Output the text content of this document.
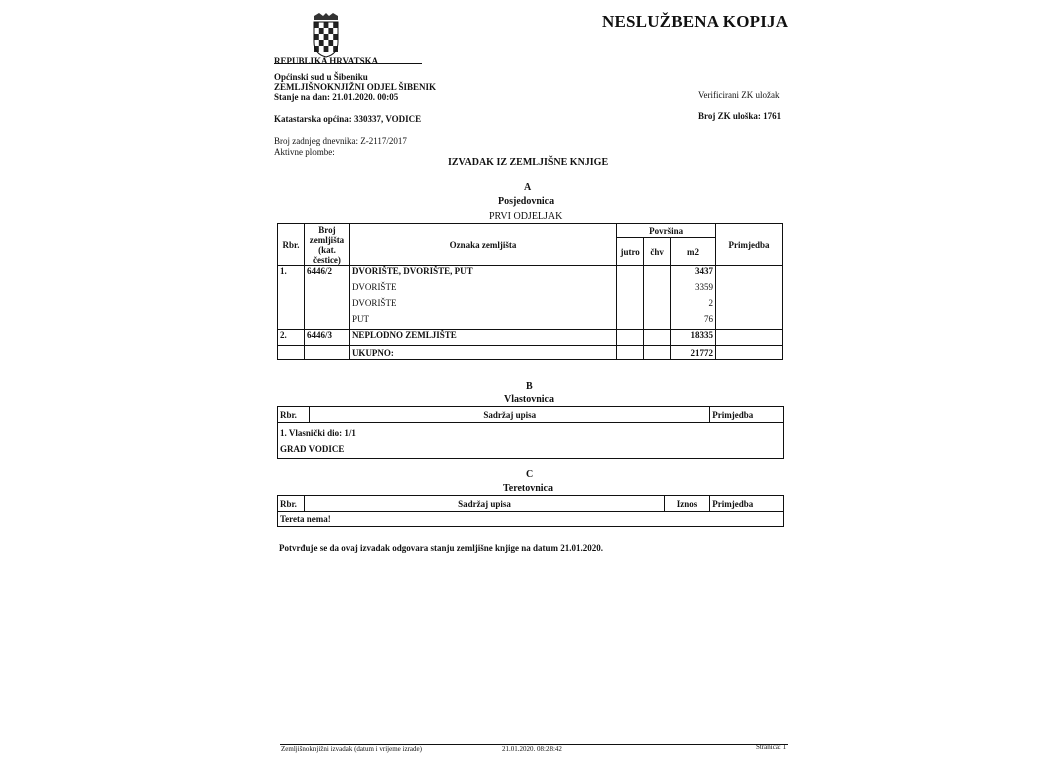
NESLUŽBENA KOPIJA
REPUBLIKA HRVATSKA
Općinski sud u Šibeniku
ZEMLJIŠNOKNJIŽNI ODJEL ŠIBENIK
Stanje na dan: 21.01.2020. 00:05	Verificirani ZK uložak
Katastarska općina: 330337, VODICE	Broj ZK uloška: 1761
Broj zadnjeg dnevnika: Z-2117/2017
Aktivne plombe:
IZVADAK IZ ZEMLJIŠNE KNJIGE
A
Posjedovnica
PRVI ODJELJAK
Rbr.	Broj
zemljišta
(kat.
čestice)	Oznaka zemljišta	Površina			Primjedba
			jutro	čhv	m2	
1.	6446/2	DVORIŠTE, DVORIŠTE, PUT			3437	
		DVORIŠTE			3359	
		DVORIŠTE			2	
		PUT			76	
2.	6446/3	NEPLODNO ZEMLJIŠTE			18335	
		UKUPNO:			21772	
B
Vlastovnica
Rbr.	Sadržaj upisa	Primjedba

1. Vlasnički dio: 1/1
GRAD VODICE
C
Teretovnica
Rbr.	Sadržaj upisa	Iznos	Primjedba
Tereta nema!
Potvrđuje se da ovaj izvadak odgovara stanju zemljišne knjige na datum 21.01.2020.
Zemljišnoknjižni izvadak (datum i vrijeme izrade)	21.01.2020. 08:28:42	Stranica: 1
